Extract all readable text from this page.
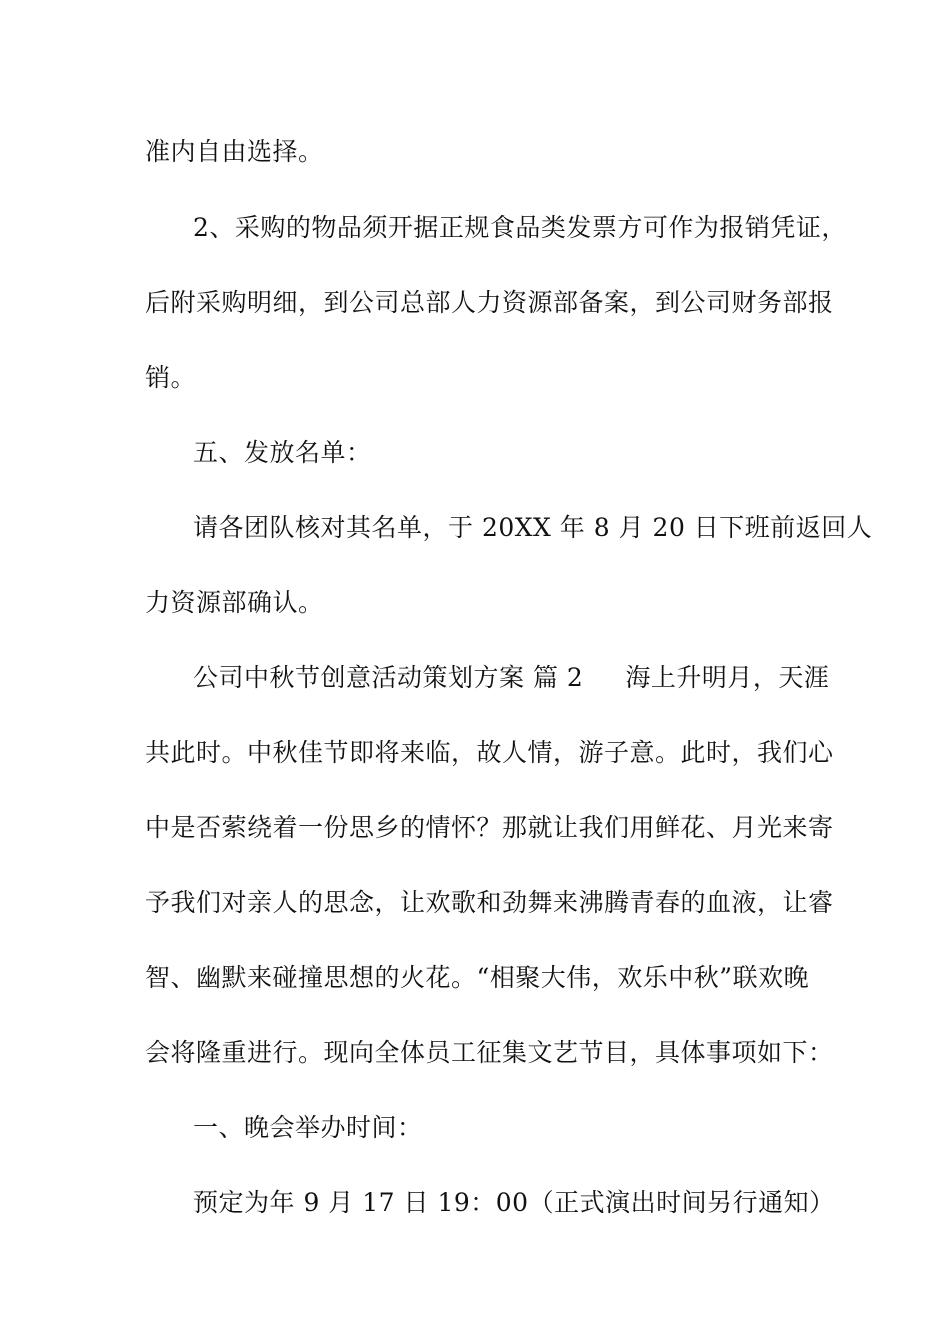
准内自由选择。
2、采购的物品须开据正规食品类发票方可作为报销凭证，
后附采购明细，到公司总部人力资源部备案，到公司财务部报
销。
五、发放名单：
请各团队核对其名单，于 20XX 年 8 月 20 日下班前返回人
力资源部确认。
公司中秋节创意活动策划方案 篇 2 海上升明月，天涯
共此时。中秋佳节即将来临，故人情，游子意。此时，我们心
中是否萦绕着一份思乡的情怀？那就让我们用鲜花、月光来寄
予我们对亲人的思念，让欢歌和劲舞来沸腾青春的血液，让睿
智、幽默来碰撞思想的火花。“相聚大伟，欢乐中秋”联欢晚
会将隆重进行。现向全体员工征集文艺节目，具体事项如下：
一、晚会举办时间：
预定为年 9 月 17 日 19：00（正式演出时间另行通知）
